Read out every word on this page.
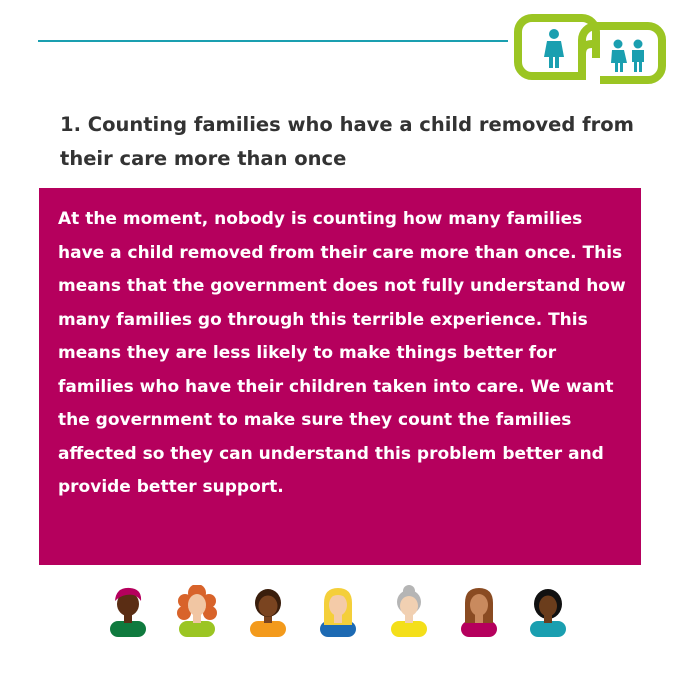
1. Counting families who have a child removed from their care more than once

At the moment, nobody is counting how many families have a child removed from their care more than once. This means that the government does not fully understand how many families go through this terrible experience. This means they are less likely to make things better for families who have their children taken into care. We want the government to make sure they count the families affected so they can understand this problem better and provide better support.
